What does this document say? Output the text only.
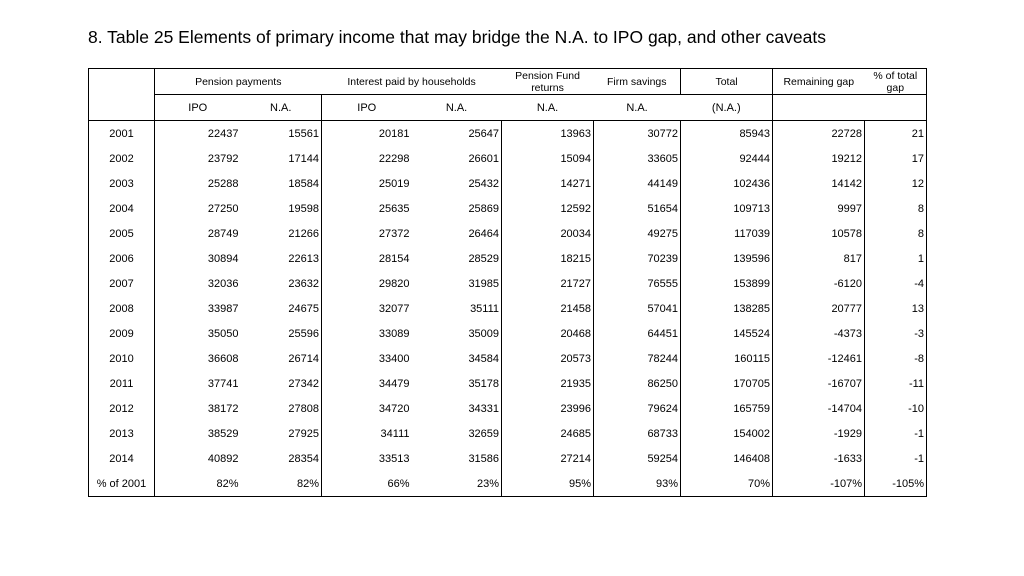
8. Table 25 Elements of primary income that may bridge the N.A. to IPO gap, and other caveats
	Pension payments		Interest paid by households		Pension Fund returns	Firm savings	Total	Remaining gap	% of total gap
	IPO	N.A.	IPO	N.A.	N.A.	N.A.	(N.A.)		
2001	22437	15561	20181	25647	13963	30772	85943	22728	21
2002	23792	17144	22298	26601	15094	33605	92444	19212	17
2003	25288	18584	25019	25432	14271	44149	102436	14142	12
2004	27250	19598	25635	25869	12592	51654	109713	9997	8
2005	28749	21266	27372	26464	20034	49275	117039	10578	8
2006	30894	22613	28154	28529	18215	70239	139596	817	1
2007	32036	23632	29820	31985	21727	76555	153899	-6120	-4
2008	33987	24675	32077	35111	21458	57041	138285	20777	13
2009	35050	25596	33089	35009	20468	64451	145524	-4373	-3
2010	36608	26714	33400	34584	20573	78244	160115	-12461	-8
2011	37741	27342	34479	35178	21935	86250	170705	-16707	-11
2012	38172	27808	34720	34331	23996	79624	165759	-14704	-10
2013	38529	27925	34111	32659	24685	68733	154002	-1929	-1
2014	40892	28354	33513	31586	27214	59254	146408	-1633	-1
% of 2001	82%	82%	66%	23%	95%	93%	70%	-107%	-105%
